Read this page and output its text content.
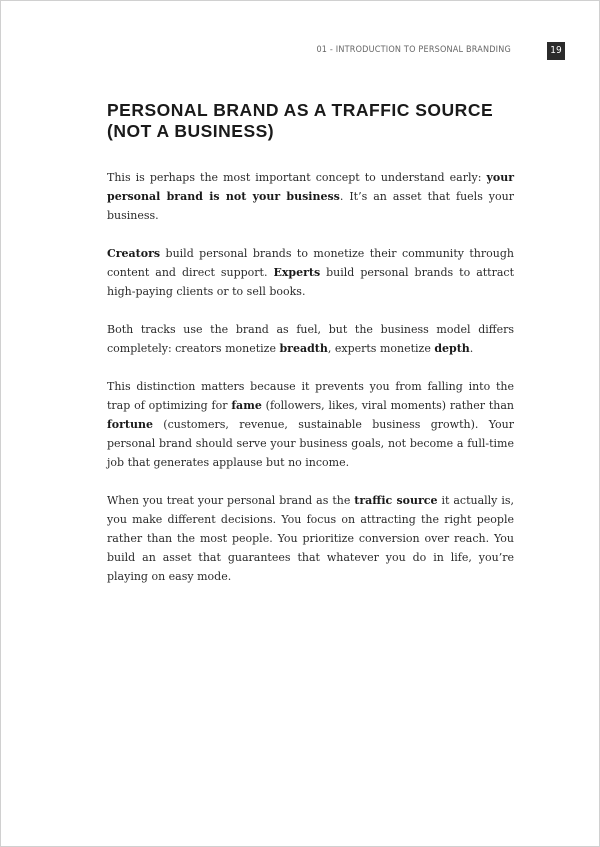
01 - INTRODUCTION TO PERSONAL BRANDING	19
PERSONAL BRAND AS A TRAFFIC SOURCE
(NOT A BUSINESS)

This is perhaps the most important concept to understand early: your personal brand is not your business. It’s an asset that fuels your business.

Creators build personal brands to monetize their community through content and direct support. Experts build personal brands to attract high-paying clients or to sell books.

Both tracks use the brand as fuel, but the business model differs completely: creators monetize breadth, experts monetize depth.

This distinction matters because it prevents you from falling into the trap of optimizing for fame (followers, likes, viral moments) rather than fortune (customers, revenue, sustainable business growth). Your personal brand should serve your business goals, not become a full-time job that generates applause but no income.

When you treat your personal brand as the traffic source it actually is, you make different decisions. You focus on attracting the right people rather than the most people. You prioritize conversion over reach. You build an asset that guarantees that whatever you do in life, you’re playing on easy mode.
